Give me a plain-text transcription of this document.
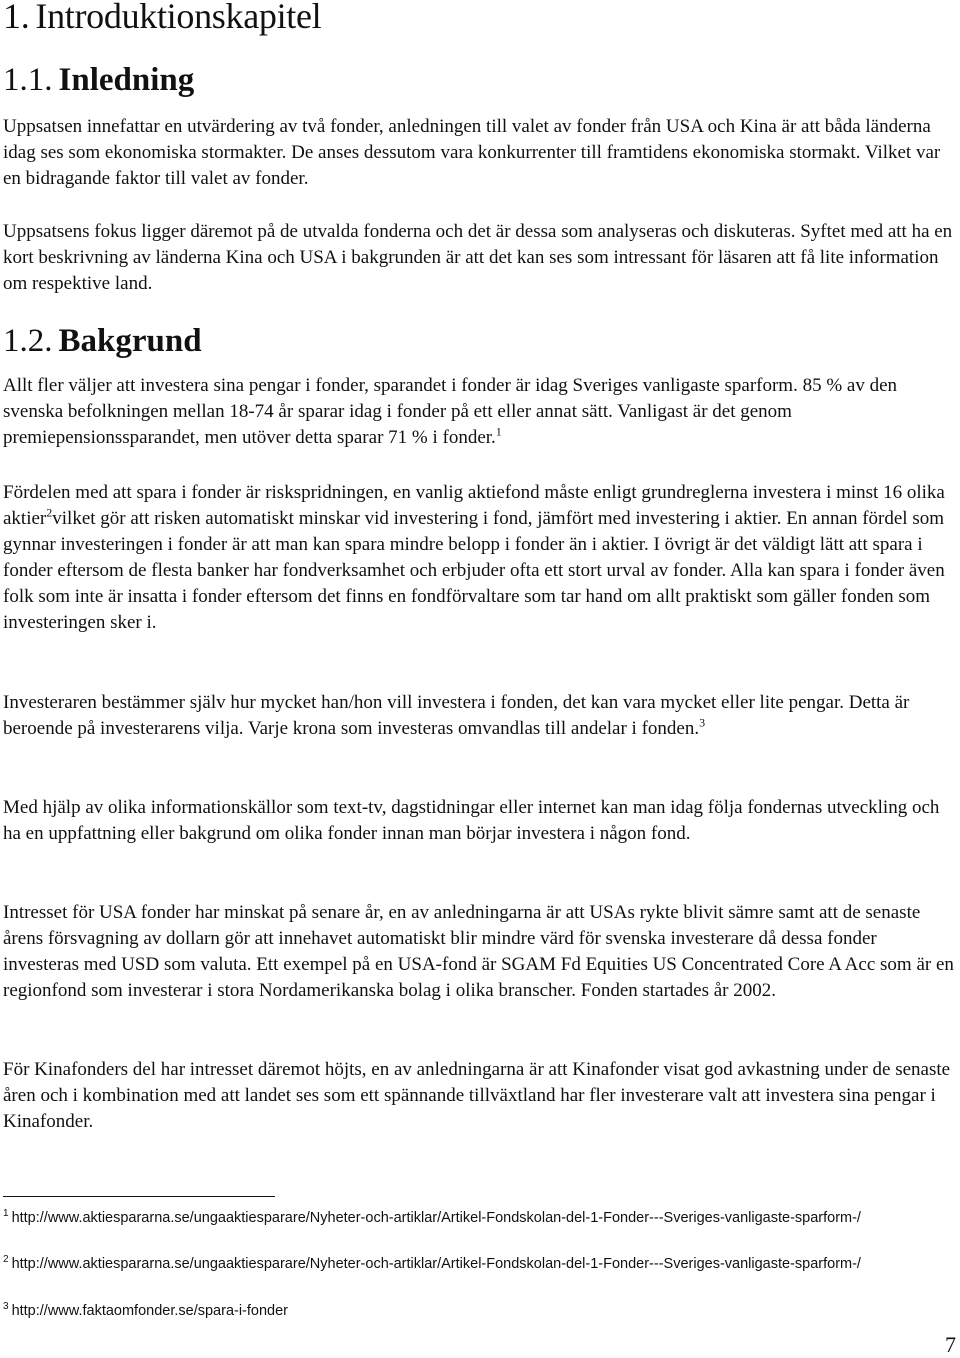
1. Introduktionskapitel
1.1. Inledning
Uppsatsen innefattar en utvärdering av två fonder, anledningen till valet av fonder från USA och Kina är att båda länderna idag ses som ekonomiska stormakter. De anses dessutom vara konkurrenter till framtidens ekonomiska stormakt. Vilket var en bidragande faktor till valet av fonder.
Uppsatsens fokus ligger däremot på de utvalda fonderna och det är dessa som analyseras och diskuteras. Syftet med att ha en kort beskrivning av länderna Kina och USA i bakgrunden är att det kan ses som intressant för läsaren att få lite information om respektive land.
1.2. Bakgrund
Allt fler väljer att investera sina pengar i fonder, sparandet i fonder är idag Sveriges vanligaste sparform. 85 % av den svenska befolkningen mellan 18-74 år sparar idag i fonder på ett eller annat sätt. Vanligast är det genom premiepensionssparandet, men utöver detta sparar 71 % i fonder.$^1$
Fördelen med att spara i fonder är riskspridningen, en vanlig aktiefond måste enligt grundreglerna investera i minst 16 olika aktier$^2$vilket gör att risken automatiskt minskar vid investering i fond, jämfört med investering i aktier. En annan fördel som gynnar investeringen i fonder är att man kan spara mindre belopp i fonder än i aktier. I övrigt är det väldigt lätt att spara i fonder eftersom de flesta banker har fondverksamhet och erbjuder ofta ett stort urval av fonder. Alla kan spara i fonder även folk som inte är insatta i fonder eftersom det finns en fondförvaltare som tar hand om allt praktiskt som gäller fonden som investeringen sker i.
Investeraren bestämmer själv hur mycket han/hon vill investera i fonden, det kan vara mycket eller lite pengar. Detta är beroende på investerarens vilja. Varje krona som investeras omvandlas till andelar i fonden.$^3$
Med hjälp av olika informationskällor som text-tv, dagstidningar eller internet kan man idag följa fondernas utveckling och ha en uppfattning eller bakgrund om olika fonder innan man börjar investera i någon fond.
Intresset för USA fonder har minskat på senare år, en av anledningarna är att USAs rykte blivit sämre samt att de senaste årens försvagning av dollarn gör att innehavet automatiskt blir mindre värd för svenska investerare då dessa fonder investeras med USD som valuta. Ett exempel på en USA-fond är SGAM Fd Equities US Concentrated Core A Acc som är en regionfond som investerar i stora Nordamerikanska bolag i olika branscher. Fonden startades år 2002.
För Kinafonders del har intresset däremot höjts, en av anledningarna är att Kinafonder visat god avkastning under de senaste åren och i kombination med att landet ses som ett spännande tillväxtland har fler investerare valt att investera sina pengar i Kinafonder.
$^1$ http://www.aktiespararna.se/ungaaktiesparare/Nyheter-och-artiklar/Artikel-Fondskolan-del-1-Fonder---Sveriges-vanligaste-sparform-/
$^2$ http://www.aktiespararna.se/ungaaktiesparare/Nyheter-och-artiklar/Artikel-Fondskolan-del-1-Fonder---Sveriges-vanligaste-sparform-/
$^3$ http://www.faktaomfonder.se/spara-i-fonder
7
